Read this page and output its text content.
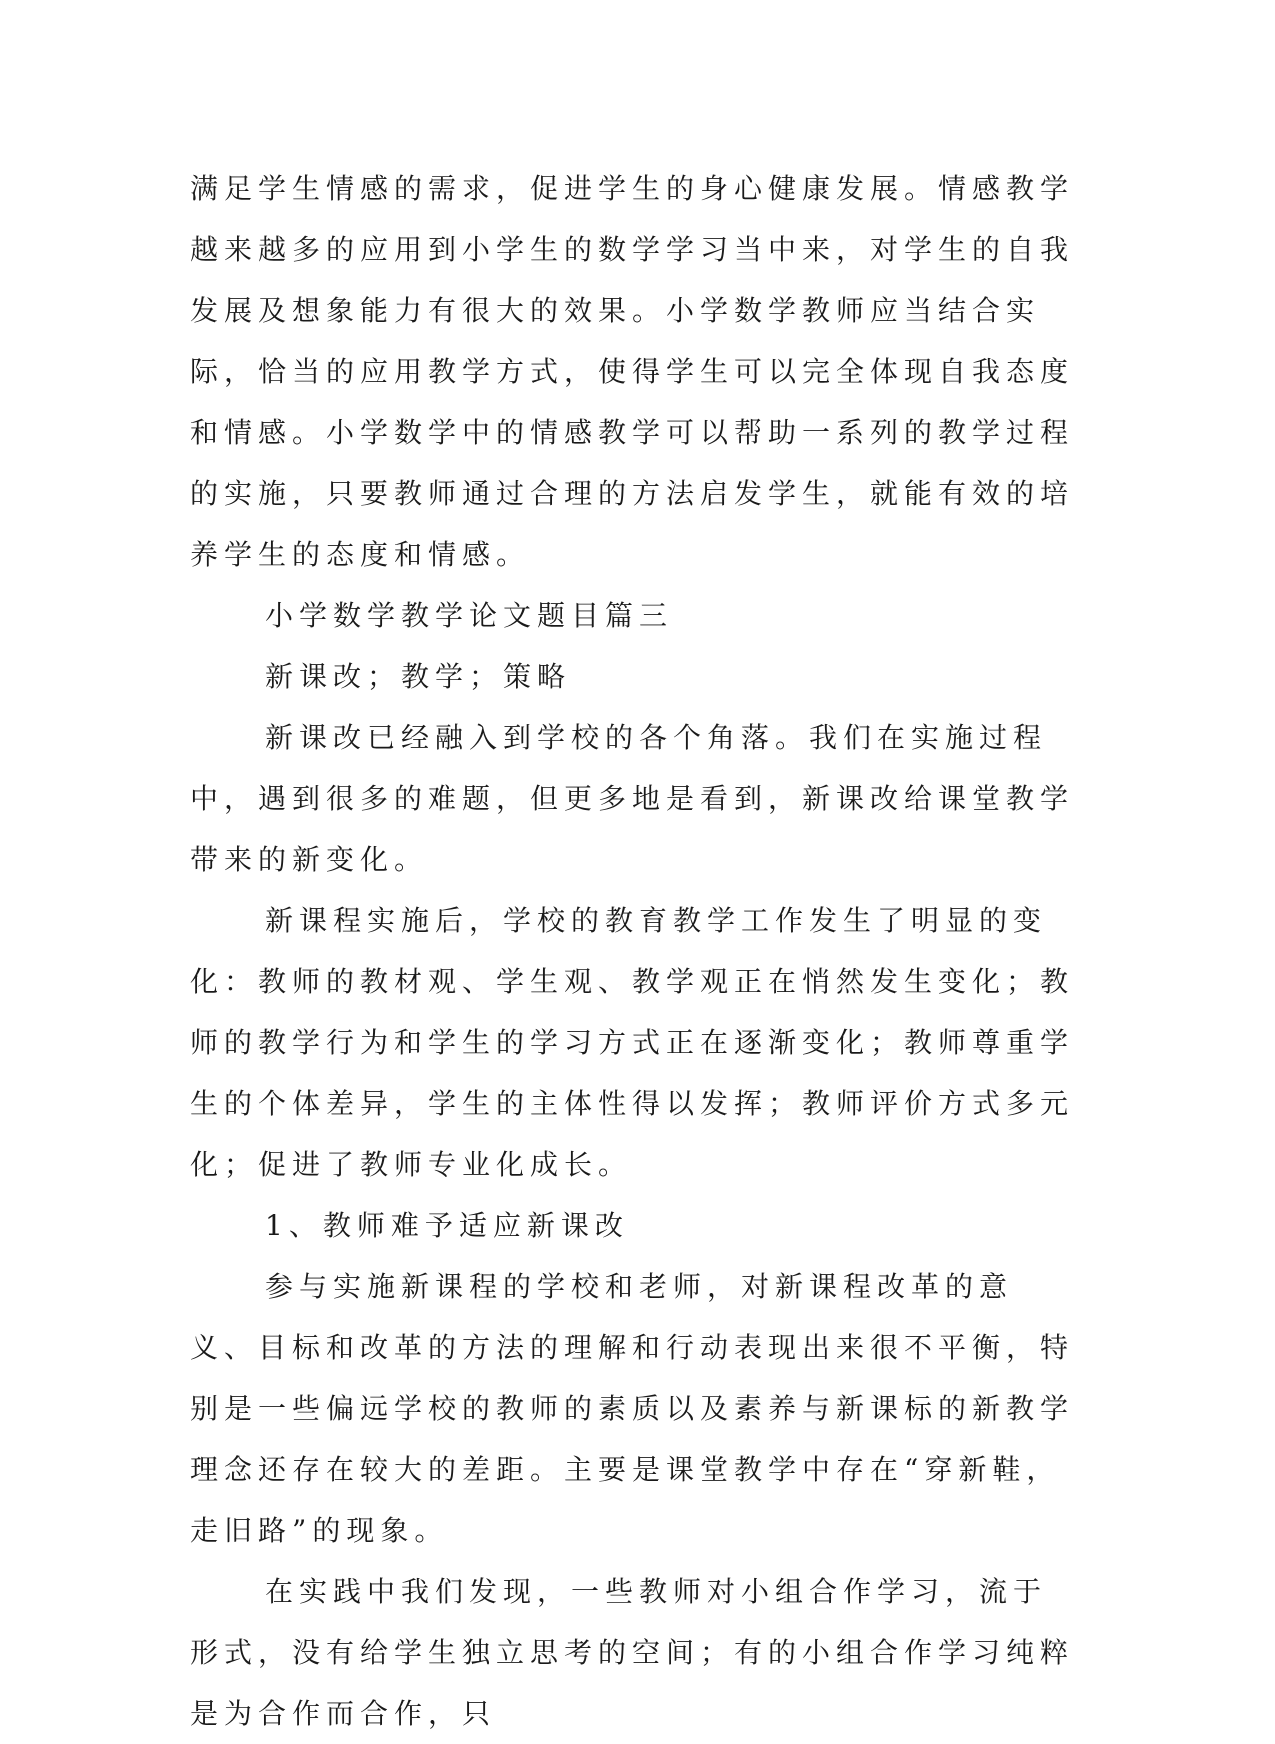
满足学生情感的需求，促进学生的身心健康发展。情感教学越来越多的应用到小学生的数学学习当中来，对学生的自我发展及想象能力有很大的效果。小学数学教师应当结合实际，恰当的应用教学方式，使得学生可以完全体现自我态度和情感。小学数学中的情感教学可以帮助一系列的教学过程的实施，只要教师通过合理的方法启发学生，就能有效的培养学生的态度和情感。

小学数学教学论文题目篇三

新课改；教学；策略

新课改已经融入到学校的各个角落。我们在实施过程中，遇到很多的难题，但更多地是看到，新课改给课堂教学带来的新变化。

新课程实施后，学校的教育教学工作发生了明显的变化：教师的教材观、学生观、教学观正在悄然发生变化；教师的教学行为和学生的学习方式正在逐渐变化；教师尊重学生的个体差异，学生的主体性得以发挥；教师评价方式多元化；促进了教师专业化成长。

1、教师难予适应新课改

参与实施新课程的学校和老师，对新课程改革的意义、目标和改革的方法的理解和行动表现出来很不平衡，特别是一些偏远学校的教师的素质以及素养与新课标的新教学理念还存在较大的差距。主要是课堂教学中存在“穿新鞋，走旧路”的现象。

在实践中我们发现，一些教师对小组合作学习，流于形式，没有给学生独立思考的空间；有的小组合作学习纯粹是为合作而合作，只
